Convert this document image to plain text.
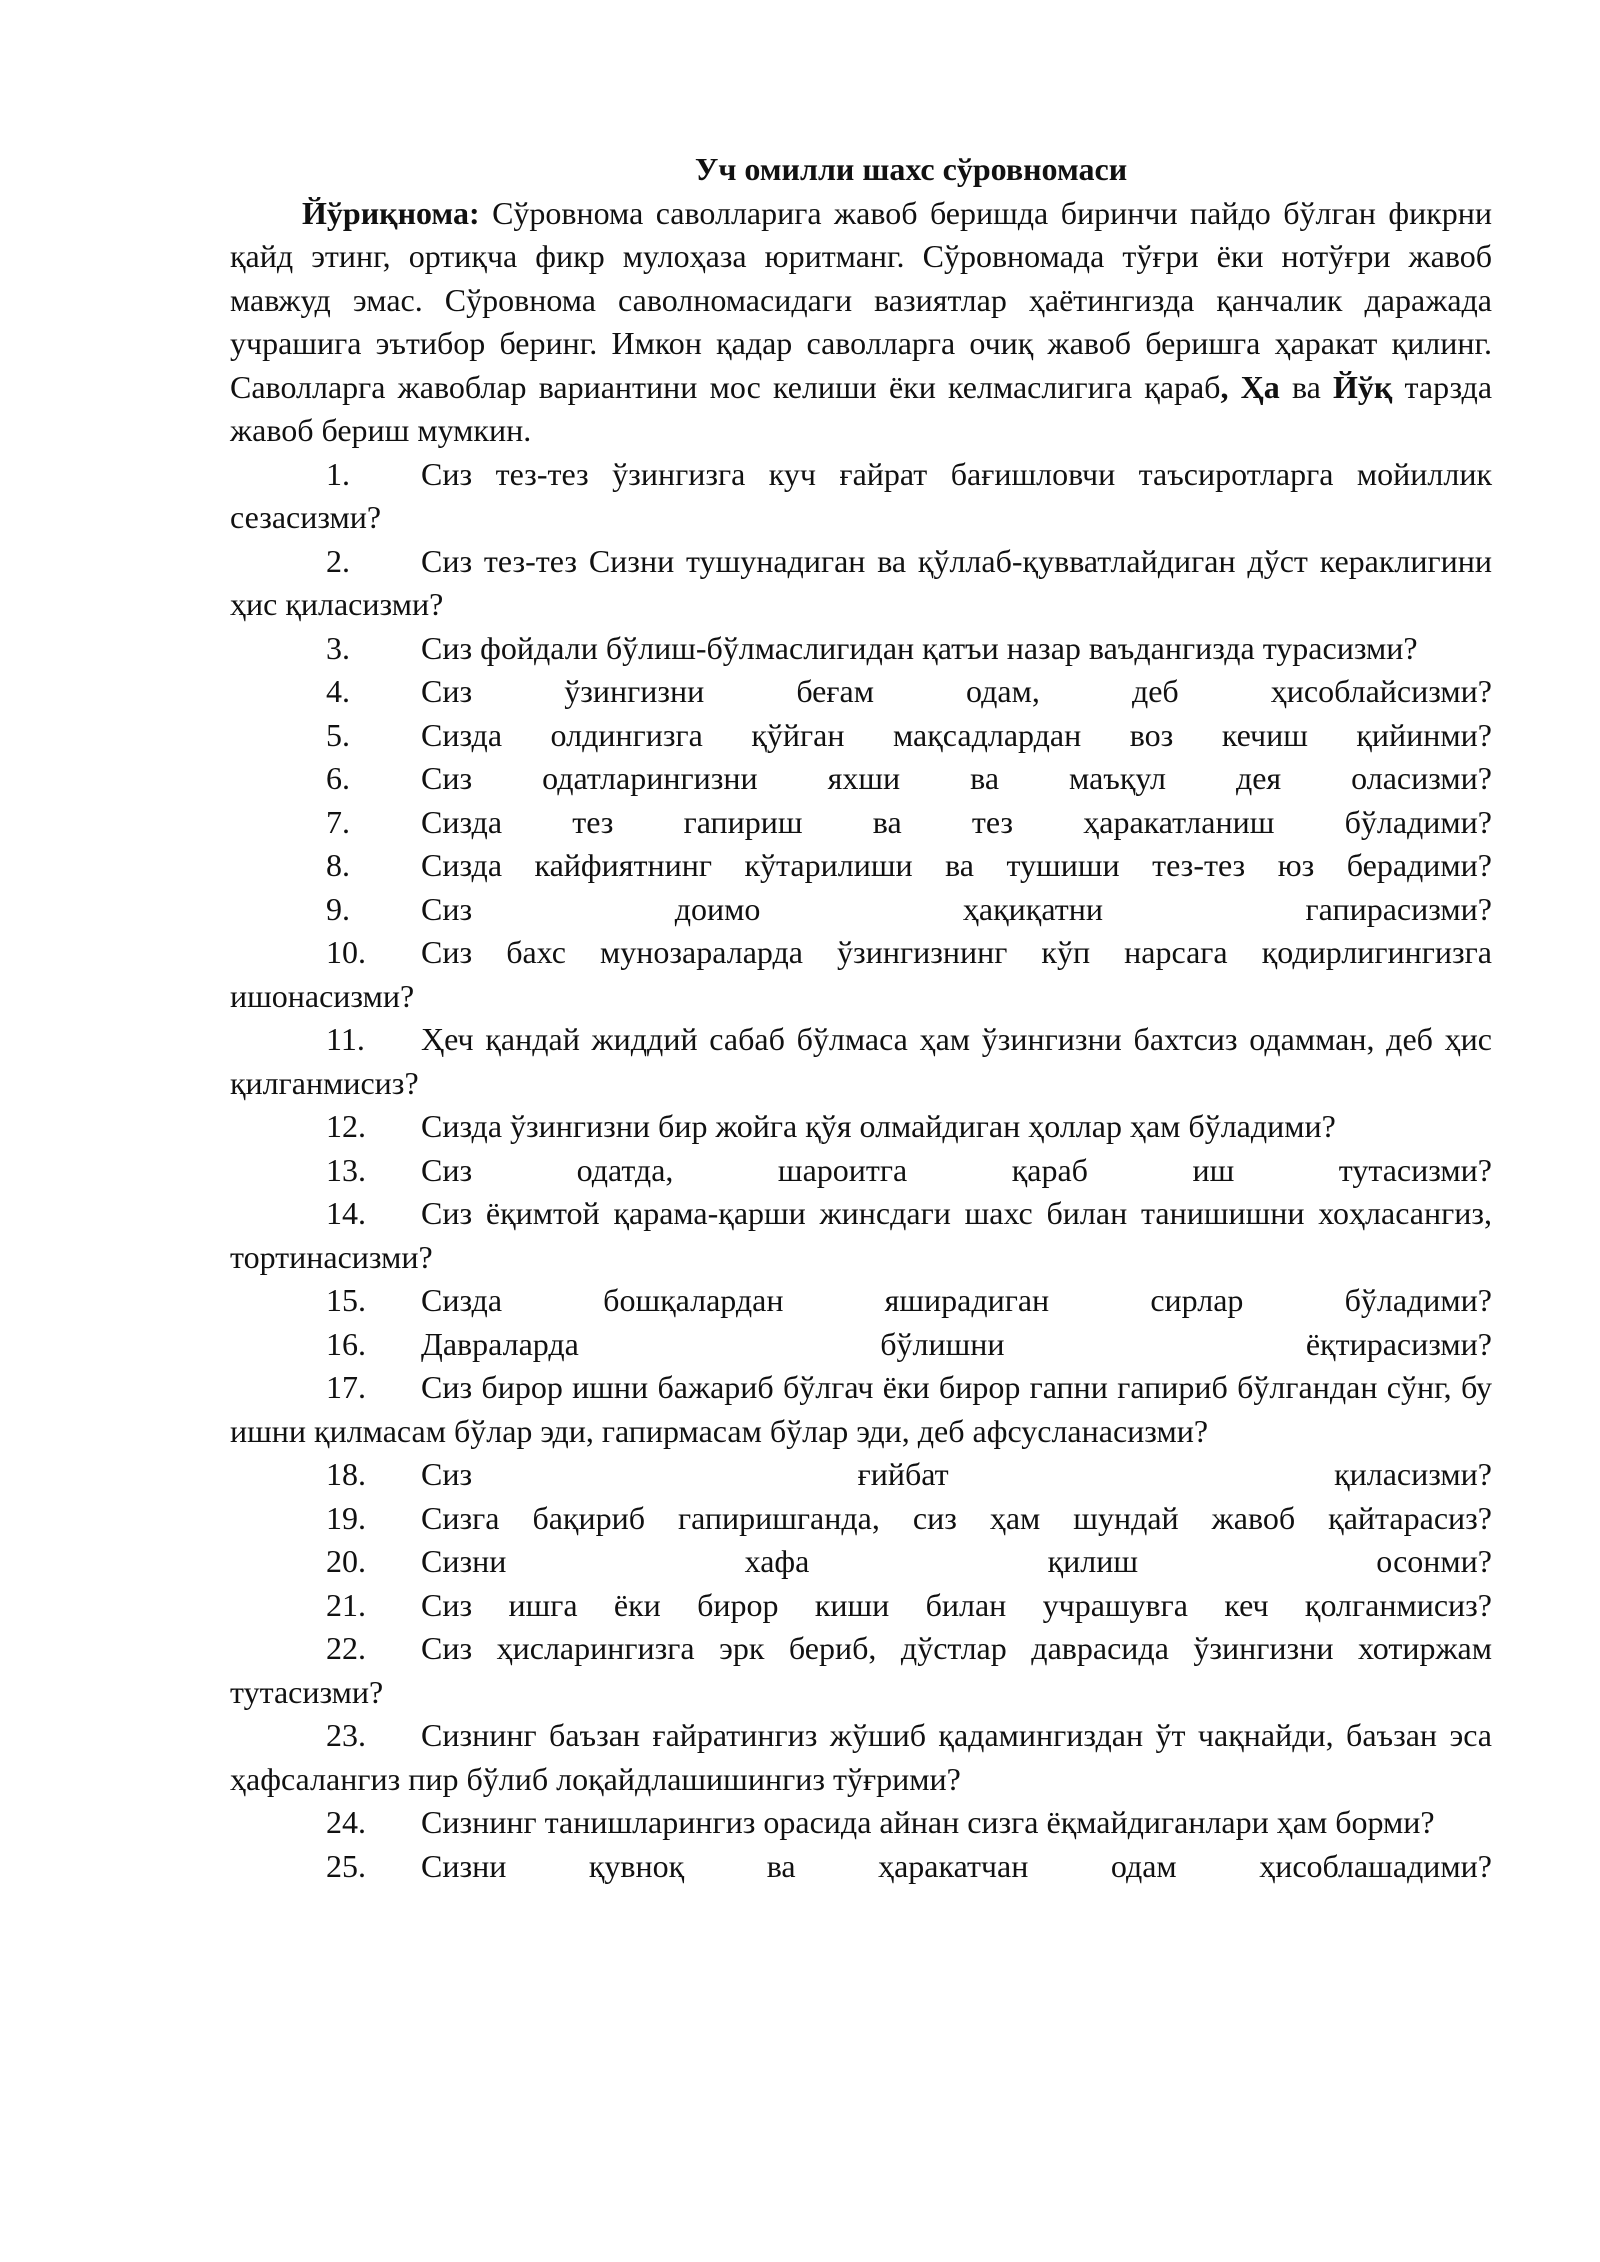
Уч омилли шахс сўровномаси

Йўриқнома: Сўровнома саволларига жавоб беришда биринчи пайдо бўлган фикрни қайд этинг, ортиқча фикр мулоҳаза юритманг. Сўровномада тўғри ёки нотўғри жавоб мавжуд эмас. Сўровнома саволномасидаги вазиятлар ҳаётингизда қанчалик даражада учрашига эътибор беринг. Имкон қадар саволларга очиқ жавоб беришга ҳаракат қилинг. Саволларга жавоблар вариантини мос келиши ёки келмаслигига қараб, Ҳа ва Йўқ тарзда жавоб бериш мумкин.

1. Сиз тез-тез ўзингизга куч ғайрат бағишловчи таъсиротларга мойиллик сезасизми?
2. Сиз тез-тез Сизни тушунадиган ва қўллаб-қувватлайдиган дўст кераклигини ҳис қиласизми?
3. Сиз фойдали бўлиш-бўлмаслигидан қатъи назар ваъдангизда турасизми?
4. Сиз ўзингизни беғам одам, деб ҳисоблайсизми?
5. Сизда олдингизга қўйган мақсадлардан воз кечиш қийинми?
6. Сиз одатларингизни яхши ва маъқул дея оласизми?
7. Сизда тез гапириш ва тез ҳаракатланиш бўладими?
8. Сизда кайфиятнинг кўтарилиши ва тушиши тез-тез юз берадими?
9. Сиз доимо ҳақиқатни гапирасизми?
10. Сиз бахс мунозараларда ўзингизнинг кўп нарсага қодирлигингизга ишонасизми?
11. Ҳеч қандай жиддий сабаб бўлмаса ҳам ўзингизни бахтсиз одамман, деб ҳис қилганмисиз?
12. Сизда ўзингизни бир жойга қўя олмайдиган ҳоллар ҳам бўладими?
13. Сиз одатда, шароитга қараб иш тутасизми?
14. Сиз ёқимтой қарама-қарши жинсдаги шахс билан танишишни хоҳласангиз, тортинасизми?
15. Сизда бошқалардан яширадиган сирлар бўладими?
16. Давраларда бўлишни ёқтирасизми?
17. Сиз бирор ишни бажариб бўлгач ёки бирор гапни гапириб бўлгандан сўнг, бу ишни қилмасам бўлар эди, гапирмасам бўлар эди, деб афсусланасизми?
18. Сиз ғийбат қиласизми?
19. Сизга бақириб гапиришганда, сиз ҳам шундай жавоб қайтарасиз?
20. Сизни хафа қилиш осонми?
21. Сиз ишга ёки бирор киши билан учрашувга кеч қолганмисиз?
22. Сиз ҳисларингизга эрк бериб, дўстлар даврасида ўзингизни хотиржам тутасизми?
23. Сизнинг баъзан ғайратингиз жўшиб қадамингиздан ўт чақнайди, баъзан эса ҳафсалангиз пир бўлиб лоқайдлашишингиз тўғрими?
24. Сизнинг танишларингиз орасида айнан сизга ёқмайдиганлари ҳам борми?
25. Сизни қувноқ ва ҳаракатчан одам ҳисоблашадими?
